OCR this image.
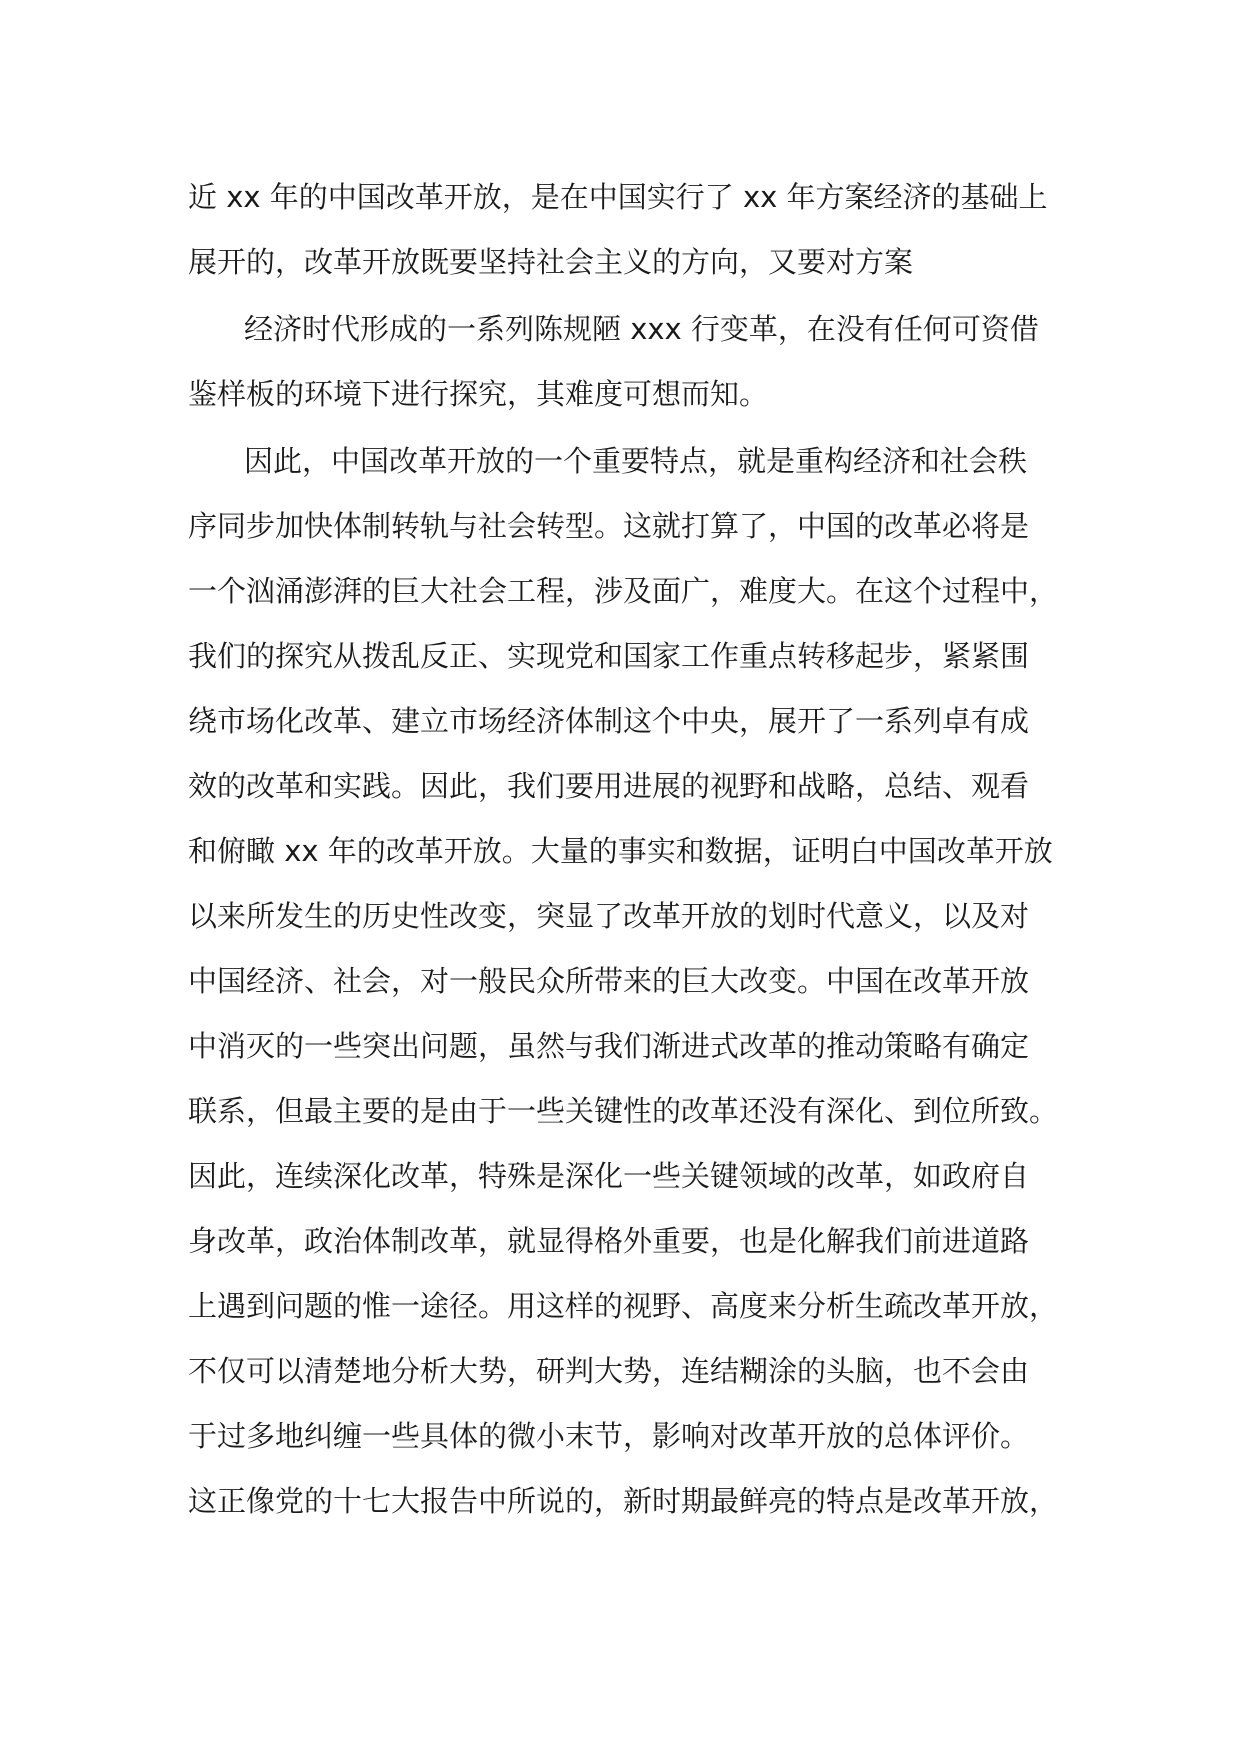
近 xx 年的中国改革开放，是在中国实行了 xx 年方案经济的基础上
展开的，改革开放既要坚持社会主义的方向，又要对方案
经济时代形成的一系列陈规陋 xxx 行变革，在没有任何可资借
鉴样板的环境下进行探究，其难度可想而知。
因此，中国改革开放的一个重要特点，就是重构经济和社会秩
序同步加快体制转轨与社会转型。这就打算了，中国的改革必将是
一个汹涌澎湃的巨大社会工程，涉及面广，难度大。在这个过程中，
我们的探究从拨乱反正、实现党和国家工作重点转移起步，紧紧围
绕市场化改革、建立市场经济体制这个中央，展开了一系列卓有成
效的改革和实践。因此，我们要用进展的视野和战略，总结、观看
和俯瞰 xx 年的改革开放。大量的事实和数据，证明白中国改革开放
以来所发生的历史性改变，突显了改革开放的划时代意义，以及对
中国经济、社会，对一般民众所带来的巨大改变。中国在改革开放
中消灭的一些突出问题，虽然与我们渐进式改革的推动策略有确定
联系，但最主要的是由于一些关键性的改革还没有深化、到位所致。
因此，连续深化改革，特殊是深化一些关键领域的改革，如政府自
身改革，政治体制改革，就显得格外重要，也是化解我们前进道路
上遇到问题的惟一途径。用这样的视野、高度来分析生疏改革开放，
不仅可以清楚地分析大势，研判大势，连结糊涂的头脑，也不会由
于过多地纠缠一些具体的微小末节，影响对改革开放的总体评价。
这正像党的十七大报告中所说的，新时期最鲜亮的特点是改革开放，
